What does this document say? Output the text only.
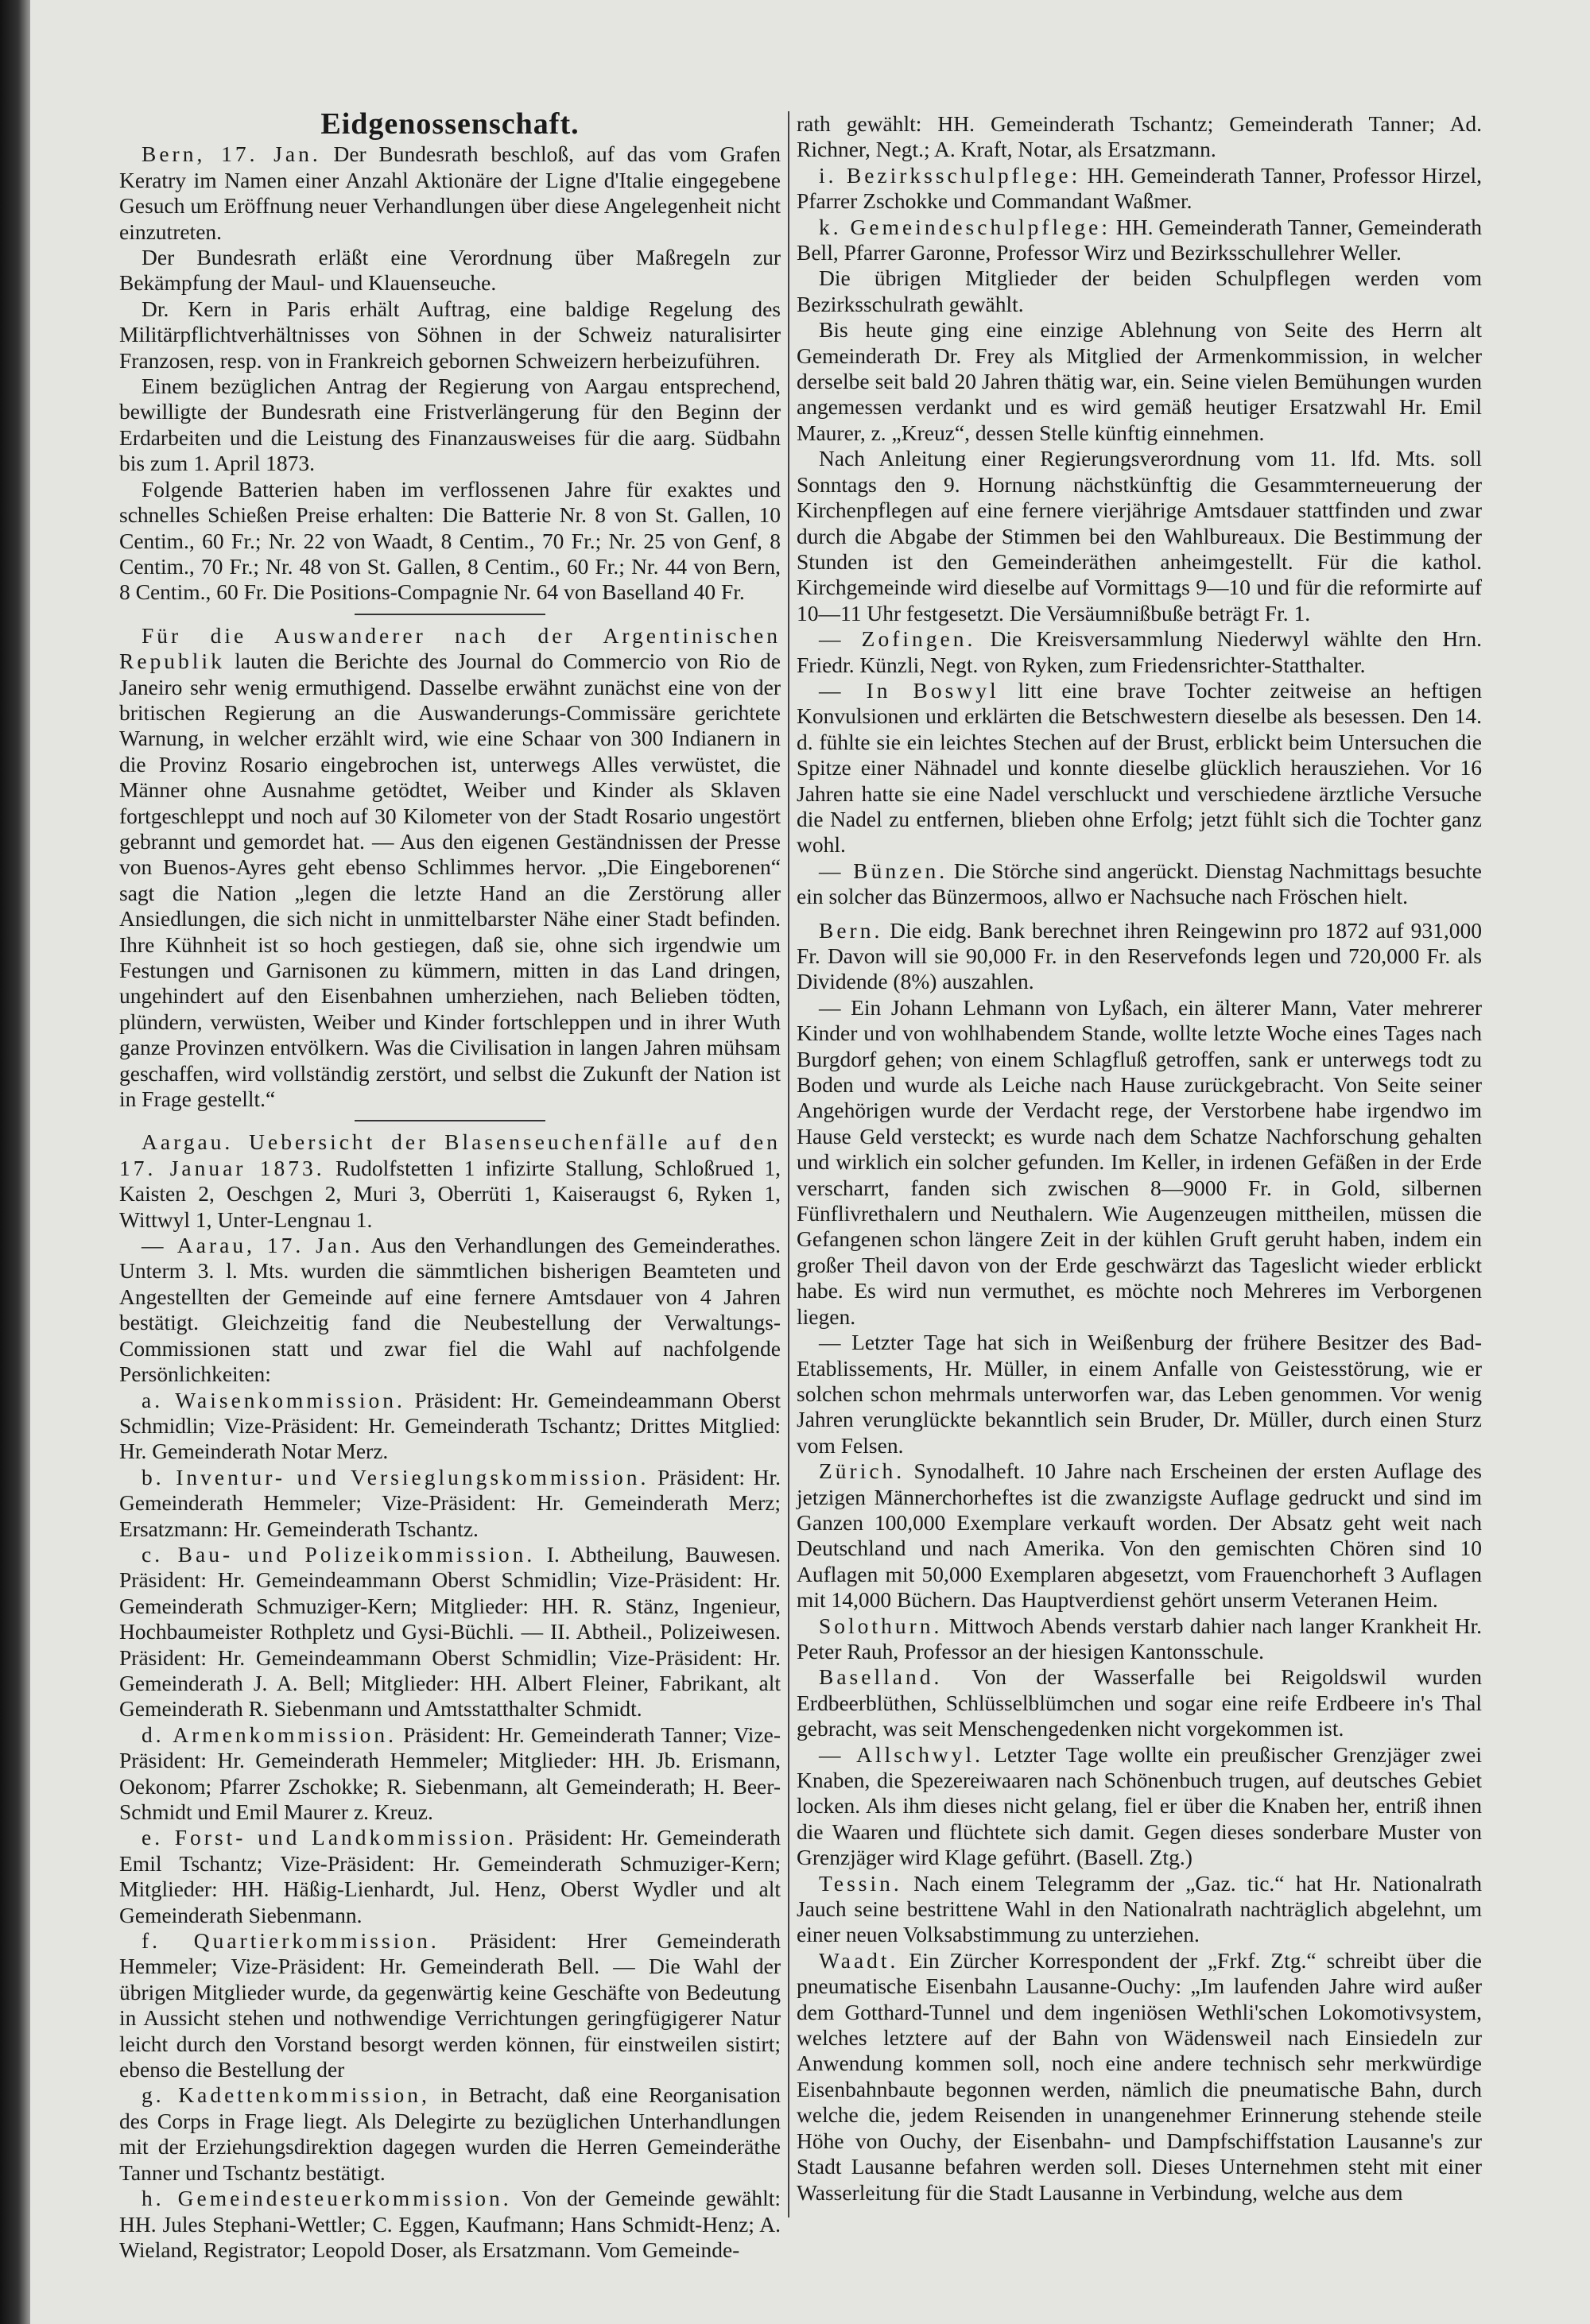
Eidgenossenschaft.

Bern, 17. Jan. Der Bundesrath beschloß, auf das vom Grafen Keratry im Namen einer Anzahl Aktionäre der Ligne d'Italie eingegebene Gesuch um Eröffnung neuer Verhandlungen über diese Angelegenheit nicht einzutreten.

Der Bundesrath erläßt eine Verordnung über Maßregeln zur Bekämpfung der Maul- und Klauenseuche.

Dr. Kern in Paris erhält Auftrag, eine baldige Regelung des Militärpflichtverhältnisses von Söhnen in der Schweiz naturalisirter Franzosen, resp. von in Frankreich gebornen Schweizern herbeizuführen.

Einem bezüglichen Antrag der Regierung von Aargau entsprechend, bewilligte der Bundesrath eine Fristverlängerung für den Beginn der Erdarbeiten und die Leistung des Finanzausweises für die aarg. Südbahn bis zum 1. April 1873.

Folgende Batterien haben im verflossenen Jahre für exaktes und schnelles Schießen Preise erhalten: Die Batterie Nr. 8 von St. Gallen, 10 Centim., 60 Fr.; Nr. 22 von Waadt, 8 Centim., 70 Fr.; Nr. 25 von Genf, 8 Centim., 70 Fr.; Nr. 48 von St. Gallen, 8 Centim., 60 Fr.; Nr. 44 von Bern, 8 Centim., 60 Fr. Die Positions-Compagnie Nr. 64 von Baselland 40 Fr.

Für die Auswanderer nach der Argentinischen Republik lauten die Berichte des Journal do Commercio von Rio de Janeiro sehr wenig ermuthigend. Dasselbe erwähnt zunächst eine von der britischen Regierung an die Auswanderungs-Commissäre gerichtete Warnung, in welcher erzählt wird, wie eine Schaar von 300 Indianern in die Provinz Rosario eingebrochen ist, unterwegs Alles verwüstet, die Männer ohne Ausnahme getödtet, Weiber und Kinder als Sklaven fortgeschleppt und noch auf 30 Kilometer von der Stadt Rosario ungestört gebrannt und gemordet hat. — Aus den eigenen Geständnissen der Presse von Buenos-Ayres geht ebenso Schlimmes hervor. „Die Eingeborenen“ sagt die Nation „legen die letzte Hand an die Zerstörung aller Ansiedlungen, die sich nicht in unmittelbarster Nähe einer Stadt befinden. Ihre Kühnheit ist so hoch gestiegen, daß sie, ohne sich irgendwie um Festungen und Garnisonen zu kümmern, mitten in das Land dringen, ungehindert auf den Eisenbahnen umherziehen, nach Belieben tödten, plündern, verwüsten, Weiber und Kinder fortschleppen und in ihrer Wuth ganze Provinzen entvölkern. Was die Civilisation in langen Jahren mühsam geschaffen, wird vollständig zerstört, und selbst die Zukunft der Nation ist in Frage gestellt.“

Aargau. Uebersicht der Blasenseuchenfälle auf den 17. Januar 1873. Rudolfstetten 1 infizirte Stallung, Schloßrued 1, Kaisten 2, Oeschgen 2, Muri 3, Oberrüti 1, Kaiseraugst 6, Ryken 1, Wittwyl 1, Unter-Lengnau 1.

— Aarau, 17. Jan. Aus den Verhandlungen des Gemeinderathes. Unterm 3. l. Mts. wurden die sämmtlichen bisherigen Beamteten und Angestellten der Gemeinde auf eine fernere Amtsdauer von 4 Jahren bestätigt. Gleichzeitig fand die Neubestellung der Verwaltungs-Commissionen statt und zwar fiel die Wahl auf nachfolgende Persönlichkeiten:

a. Waisenkommission. Präsident: Hr. Gemeindeammann Oberst Schmidlin; Vize-Präsident: Hr. Gemeinderath Tschantz; Drittes Mitglied: Hr. Gemeinderath Notar Merz.

b. Inventur- und Versieglungskommission. Präsident: Hr. Gemeinderath Hemmeler; Vize-Präsident: Hr. Gemeinderath Merz; Ersatzmann: Hr. Gemeinderath Tschantz.

c. Bau- und Polizeikommission. I. Abtheilung, Bauwesen. Präsident: Hr. Gemeindeammann Oberst Schmidlin; Vize-Präsident: Hr. Gemeinderath Schmuziger-Kern; Mitglieder: HH. R. Stänz, Ingenieur, Hochbaumeister Rothpletz und Gysi-Büchli. — II. Abtheil., Polizeiwesen. Präsident: Hr. Gemeindeammann Oberst Schmidlin; Vize-Präsident: Hr. Gemeinderath J. A. Bell; Mitglieder: HH. Albert Fleiner, Fabrikant, alt Gemeinderath R. Siebenmann und Amtsstatthalter Schmidt.

d. Armenkommission. Präsident: Hr. Gemeinderath Tanner; Vize-Präsident: Hr. Gemeinderath Hemmeler; Mitglieder: HH. Jb. Erismann, Oekonom; Pfarrer Zschokke; R. Siebenmann, alt Gemeinderath; H. Beer-Schmidt und Emil Maurer z. Kreuz.

e. Forst- und Landkommission. Präsident: Hr. Gemeinderath Emil Tschantz; Vize-Präsident: Hr. Gemeinderath Schmuziger-Kern; Mitglieder: HH. Häßig-Lienhardt, Jul. Henz, Oberst Wydler und alt Gemeinderath Siebenmann.

f. Quartierkommission. Präsident: Hrer Gemeinderath Hemmeler; Vize-Präsident: Hr. Gemeinderath Bell. — Die Wahl der übrigen Mitglieder wurde, da gegenwärtig keine Geschäfte von Bedeutung in Aussicht stehen und nothwendige Verrichtungen geringfügigerer Natur leicht durch den Vorstand besorgt werden können, für einstweilen sistirt; ebenso die Bestellung der

g. Kadettenkommission, in Betracht, daß eine Reorganisation des Corps in Frage liegt. Als Delegirte zu bezüglichen Unterhandlungen mit der Erziehungsdirektion dagegen wurden die Herren Gemeinderäthe Tanner und Tschantz bestätigt.

h. Gemeindesteuerkommission. Von der Gemeinde gewählt: HH. Jules Stephani-Wettler; C. Eggen, Kaufmann; Hans Schmidt-Henz; A. Wieland, Registrator; Leopold Doser, als Ersatzmann. Vom Gemeinde-

rath gewählt: HH. Gemeinderath Tschantz; Gemeinderath Tanner; Ad. Richner, Negt.; A. Kraft, Notar, als Ersatzmann.

i. Bezirksschulpflege: HH. Gemeinderath Tanner, Professor Hirzel, Pfarrer Zschokke und Commandant Waßmer.

k. Gemeindeschulpflege: HH. Gemeinderath Tanner, Gemeinderath Bell, Pfarrer Garonne, Professor Wirz und Bezirksschullehrer Weller.

Die übrigen Mitglieder der beiden Schulpflegen werden vom Bezirksschulrath gewählt.

Bis heute ging eine einzige Ablehnung von Seite des Herrn alt Gemeinderath Dr. Frey als Mitglied der Armenkommission, in welcher derselbe seit bald 20 Jahren thätig war, ein. Seine vielen Bemühungen wurden angemessen verdankt und es wird gemäß heutiger Ersatzwahl Hr. Emil Maurer, z. „Kreuz“, dessen Stelle künftig einnehmen.

Nach Anleitung einer Regierungsverordnung vom 11. lfd. Mts. soll Sonntags den 9. Hornung nächstkünftig die Gesammterneuerung der Kirchenpflegen auf eine fernere vierjährige Amtsdauer stattfinden und zwar durch die Abgabe der Stimmen bei den Wahlbureaux. Die Bestimmung der Stunden ist den Gemeinderäthen anheimgestellt. Für die kathol. Kirchgemeinde wird dieselbe auf Vormittags 9—10 und für die reformirte auf 10—11 Uhr festgesetzt. Die Versäumnißbuße beträgt Fr. 1.

— Zofingen. Die Kreisversammlung Niederwyl wählte den Hrn. Friedr. Künzli, Negt. von Ryken, zum Friedensrichter-Statthalter.

— In Boswyl litt eine brave Tochter zeitweise an heftigen Konvulsionen und erklärten die Betschwestern dieselbe als besessen. Den 14. d. fühlte sie ein leichtes Stechen auf der Brust, erblickt beim Untersuchen die Spitze einer Nähnadel und konnte dieselbe glücklich herausziehen. Vor 16 Jahren hatte sie eine Nadel verschluckt und verschiedene ärztliche Versuche die Nadel zu entfernen, blieben ohne Erfolg; jetzt fühlt sich die Tochter ganz wohl.

— Bünzen. Die Störche sind angerückt. Dienstag Nachmittags besuchte ein solcher das Bünzermoos, allwo er Nachsuche nach Fröschen hielt.

Bern. Die eidg. Bank berechnet ihren Reingewinn pro 1872 auf 931,000 Fr. Davon will sie 90,000 Fr. in den Reservefonds legen und 720,000 Fr. als Dividende (8%) auszahlen.

— Ein Johann Lehmann von Lyßach, ein älterer Mann, Vater mehrerer Kinder und von wohlhabendem Stande, wollte letzte Woche eines Tages nach Burgdorf gehen; von einem Schlagfluß getroffen, sank er unterwegs todt zu Boden und wurde als Leiche nach Hause zurückgebracht. Von Seite seiner Angehörigen wurde der Verdacht rege, der Verstorbene habe irgendwo im Hause Geld versteckt; es wurde nach dem Schatze Nachforschung gehalten und wirklich ein solcher gefunden. Im Keller, in irdenen Gefäßen in der Erde verscharrt, fanden sich zwischen 8—9000 Fr. in Gold, silbernen Fünflivrethalern und Neuthalern. Wie Augenzeugen mittheilen, müssen die Gefangenen schon längere Zeit in der kühlen Gruft geruht haben, indem ein großer Theil davon von der Erde geschwärzt das Tageslicht wieder erblickt habe. Es wird nun vermuthet, es möchte noch Mehreres im Verborgenen liegen.

— Letzter Tage hat sich in Weißenburg der frühere Besitzer des Bad-Etablissements, Hr. Müller, in einem Anfalle von Geistesstörung, wie er solchen schon mehrmals unterworfen war, das Leben genommen. Vor wenig Jahren verunglückte bekanntlich sein Bruder, Dr. Müller, durch einen Sturz vom Felsen.

Zürich. Synodalheft. 10 Jahre nach Erscheinen der ersten Auflage des jetzigen Männerchorheftes ist die zwanzigste Auflage gedruckt und sind im Ganzen 100,000 Exemplare verkauft worden. Der Absatz geht weit nach Deutschland und nach Amerika. Von den gemischten Chören sind 10 Auflagen mit 50,000 Exemplaren abgesetzt, vom Frauenchorheft 3 Auflagen mit 14,000 Büchern. Das Hauptverdienst gehört unserm Veteranen Heim.

Solothurn. Mittwoch Abends verstarb dahier nach langer Krankheit Hr. Peter Rauh, Professor an der hiesigen Kantonsschule.

Baselland. Von der Wasserfalle bei Reigoldswil wurden Erdbeerblüthen, Schlüsselblümchen und sogar eine reife Erdbeere in's Thal gebracht, was seit Menschengedenken nicht vorgekommen ist.

— Allschwyl. Letzter Tage wollte ein preußischer Grenzjäger zwei Knaben, die Spezereiwaaren nach Schönenbuch trugen, auf deutsches Gebiet locken. Als ihm dieses nicht gelang, fiel er über die Knaben her, entriß ihnen die Waaren und flüchtete sich damit. Gegen dieses sonderbare Muster von Grenzjäger wird Klage geführt. (Basell. Ztg.)

Tessin. Nach einem Telegramm der „Gaz. tic.“ hat Hr. Nationalrath Jauch seine bestrittene Wahl in den Nationalrath nachträglich abgelehnt, um einer neuen Volksabstimmung zu unterziehen.

Waadt. Ein Zürcher Korrespondent der „Frkf. Ztg.“ schreibt über die pneumatische Eisenbahn Lausanne-Ouchy: „Im laufenden Jahre wird außer dem Gotthard-Tunnel und dem ingeniösen Wethli'schen Lokomotivsystem, welches letztere auf der Bahn von Wädensweil nach Einsiedeln zur Anwendung kommen soll, noch eine andere technisch sehr merkwürdige Eisenbahnbaute begonnen werden, nämlich die pneumatische Bahn, durch welche die, jedem Reisenden in unangenehmer Erinnerung stehende steile Höhe von Ouchy, der Eisenbahn- und Dampfschiffstation Lausanne's zur Stadt Lausanne befahren werden soll. Dieses Unternehmen steht mit einer Wasserleitung für die Stadt Lausanne in Verbindung, welche aus dem
